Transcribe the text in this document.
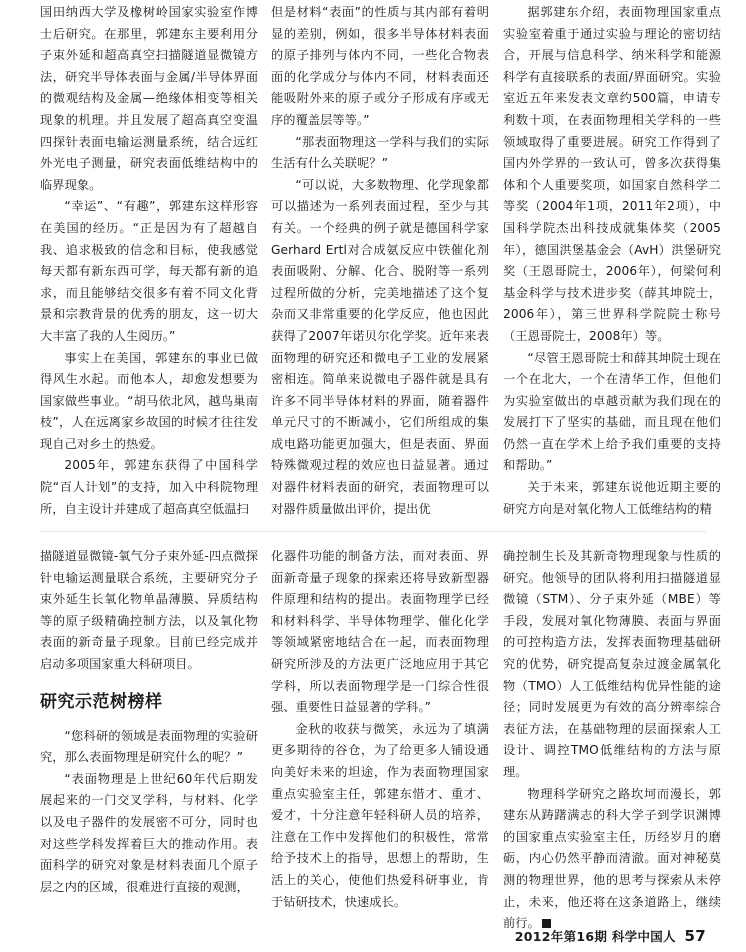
国田纳西大学及橡树岭国家实验室作博士后研究。在那里，郭建东主要利用分子束外延和超高真空扫描隧道显微镜方法，研究半导体表面与金属/半导体界面的微观结构及金属—绝缘体相变等相关现象的机理。并且发展了超高真空变温四探针表面电输运测量系统，结合远红外光电子测量，研究表面低维结构中的临界现象。

“幸运”、“有趣”，郭建东这样形容在美国的经历。“正是因为有了超越自我、追求极致的信念和目标，使我感觉每天都有新东西可学，每天都有新的追求，而且能够结交很多有着不同文化背景和宗教背景的优秀的朋友，这一切大大丰富了我的人生阅历。”

事实上在美国，郭建东的事业已做得风生水起。而他本人，却愈发想要为国家做些事业。“胡马依北风，越鸟巢南枝”，人在远离家乡故国的时候才往往发现自己对乡土的热爱。

2005年，郭建东获得了中国科学院“百人计划”的支持，加入中科院物理所，自主设计并建成了超高真空低温扫

但是材料“表面”的性质与其内部有着明显的差别，例如，很多半导体材料表面的原子排列与体内不同，一些化合物表面的化学成分与体内不同，材料表面还能吸附外来的原子或分子形成有序或无序的覆盖层等等。”

“那表面物理这一学科与我们的实际生活有什么关联呢？”

“可以说，大多数物理、化学现象都可以描述为一系列表面过程，至少与其有关。一个经典的例子就是德国科学家Gerhard Ertl对合成氨反应中铁催化剂表面吸附、分解、化合、脱附等一系列过程所做的分析，完美地描述了这个复杂而又非常重要的化学反应，他也因此获得了2007年诺贝尔化学奖。近年来表面物理的研究还和微电子工业的发展紧密相连。简单来说微电子器件就是具有许多不同半导体材料的界面，随着器件单元尺寸的不断减小，它们所组成的集成电路功能更加强大，但是表面、界面特殊微观过程的效应也日益显著。通过对器件材料表面的研究，表面物理可以对器件质量做出评价，提出优

据郭建东介绍，表面物理国家重点实验室着重于通过实验与理论的密切结合，开展与信息科学、纳米科学和能源科学有直接联系的表面/界面研究。实验室近五年来发表文章约500篇，申请专利数十项，在表面物理相关学科的一些领域取得了重要进展。研究工作得到了国内外学界的一致认可，曾多次获得集体和个人重要奖项，如国家自然科学二等奖（2004年1项，2011年2项），中国科学院杰出科技成就集体奖（2005年），德国洪堡基金会（AvH）洪堡研究奖（王恩哥院士，2006年），何梁何利基金科学与技术进步奖（薛其坤院士，2006年），第三世界科学院院士称号（王恩哥院士，2008年）等。

“尽管王恩哥院士和薛其坤院士现在一个在北大，一个在清华工作，但他们为实验室做出的卓越贡献为我们现在的发展打下了坚实的基础，而且现在他们仍然一直在学术上给予我们重要的支持和帮助。”

关于未来，郭建东说他近期主要的研究方向是对氧化物人工低维结构的精

描隧道显微镜-氧气分子束外延-四点微探针电输运测量联合系统，主要研究分子束外延生长氧化物单晶薄膜、异质结构等的原子级精确控制方法，以及氧化物表面的新奇量子现象。目前已经完成并启动多项国家重大科研项目。

研究示范树榜样

“您科研的领域是表面物理的实验研究，那么表面物理是研究什么的呢？”

“表面物理是上世纪60年代后期发展起来的一门交叉学科，与材料、化学以及电子器件的发展密不可分，同时也对这些学科发挥着巨大的推动作用。表面科学的研究对象是材料表面几个原子层之内的区域，很难进行直接的观测，

化器件功能的制备方法，而对表面、界面新奇量子现象的探索还将导致新型器件原理和结构的提出。表面物理学已经和材料科学、半导体物理学、催化化学等领域紧密地结合在一起，而表面物理研究所涉及的方法更广泛地应用于其它学科，所以表面物理学是一门综合性很强、重要性日益显著的学科。”

金秋的收获与微笑，永远为了填满更多期待的谷仓，为了给更多人铺设通向美好未来的坦途，作为表面物理国家重点实验室主任，郭建东惜才、重才、爱才，十分注意年轻科研人员的培养，注意在工作中发挥他们的积极性，常常给予技术上的指导，思想上的帮助，生活上的关心，使他们热爱科研事业，肯于钻研技术，快速成长。

确控制生长及其新奇物理现象与性质的研究。他领导的团队将利用扫描隧道显微镜（STM）、分子束外延（MBE）等手段，发展对氧化物薄膜、表面与界面的可控构造方法，发挥表面物理基础研究的优势，研究提高复杂过渡金属氧化物（TMO）人工低维结构优异性能的途径；同时发展更为有效的高分辨率综合表征方法，在基础物理的层面探索人工设计、调控TMO低维结构的方法与原理。

物理科学研究之路坎坷而漫长，郭建东从踌躇满志的科大学子到学识渊博的国家重点实验室主任，历经岁月的磨砺，内心仍然平静而清澈。面对神秘莫测的物理世界，他的思考与探索从未停止，未来，他还将在这条道路上，继续前行。

2012年第16期 科学中国人 57
